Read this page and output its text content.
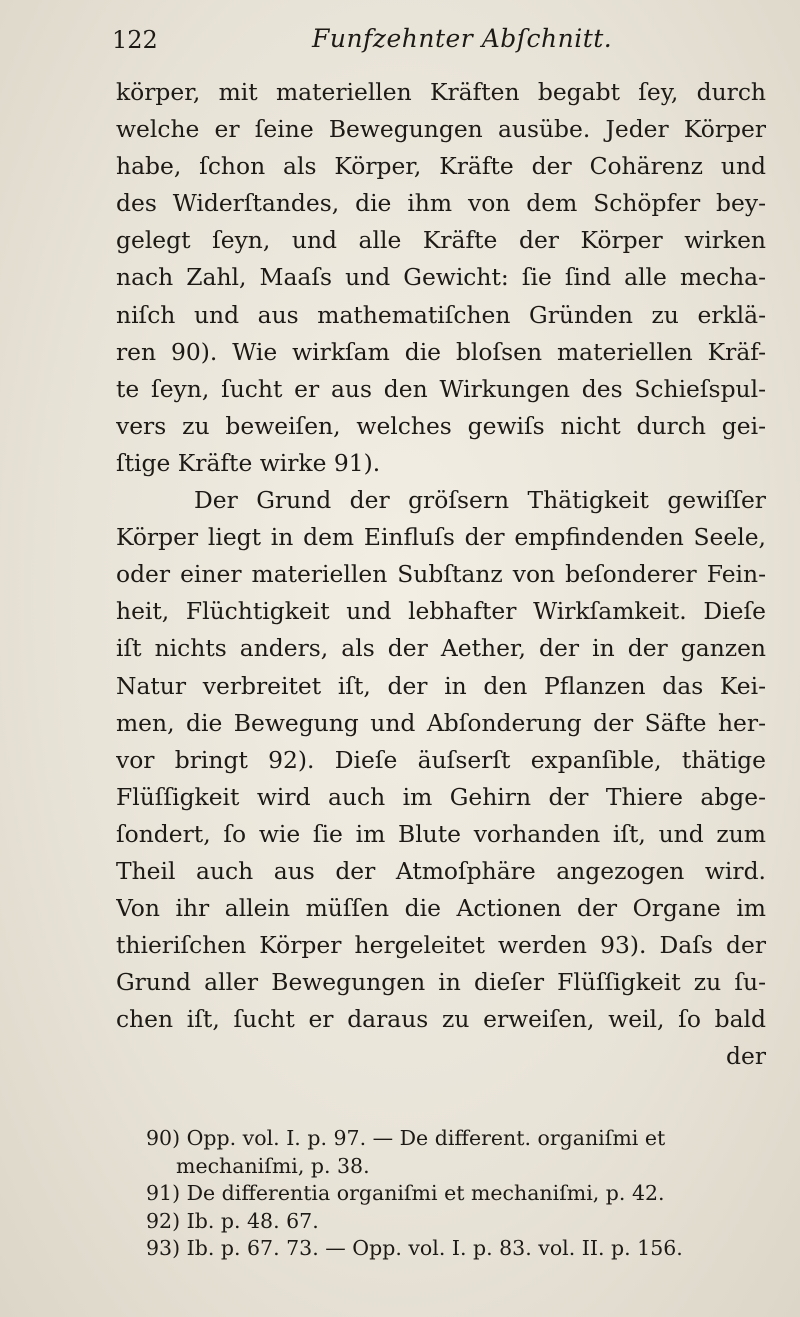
122	Funfzehnter Abſchnitt.
körper, mit materiellen Kräften begabt ſey, durch
welche er ſeine Bewegungen ausübe. Jeder Körper
habe, ſchon als Körper, Kräfte der Cohärenz und
des Widerſtandes, die ihm von dem Schöpfer bey-
gelegt ſeyn, und alle Kräfte der Körper wirken
nach Zahl, Maaſs und Gewicht: ſie ſind alle mecha-
niſch und aus mathematiſchen Gründen zu erklä-
ren 90). Wie wirkſam die bloſsen materiellen Kräf-
te ſeyn, ſucht er aus den Wirkungen des Schieſspul-
vers zu beweiſen, welches gewiſs nicht durch gei-
ſtige Kräfte wirke 91).
Der Grund der gröſsern Thätigkeit gewiſſer
Körper liegt in dem Einfluſs der empfindenden Seele,
oder einer materiellen Subſtanz von beſonderer Fein-
heit, Flüchtigkeit und lebhafter Wirkſamkeit. Dieſe
iſt nichts anders, als der Aether, der in der ganzen
Natur verbreitet iſt, der in den Pflanzen das Kei-
men, die Bewegung und Abſonderung der Säfte her-
vor bringt 92). Dieſe äuſserſt expanſible, thätige
Flüſſigkeit wird auch im Gehirn der Thiere abge-
ſondert, ſo wie ſie im Blute vorhanden iſt, und zum
Theil auch aus der Atmoſphäre angezogen wird.
Von ihr allein müſſen die Actionen der Organe im
thieriſchen Körper hergeleitet werden 93). Daſs der
Grund aller Bewegungen in dieſer Flüſſigkeit zu ſu-
chen iſt, ſucht er daraus zu erweiſen, weil, ſo bald
der
90) Opp. vol. I. p. 97. — De different. organiſmi et
mechaniſmi, p. 38.
91) De differentia organiſmi et mechaniſmi, p. 42.
92) Ib. p. 48. 67.
93) Ib. p. 67. 73. — Opp. vol. I. p. 83. vol. II. p. 156.
